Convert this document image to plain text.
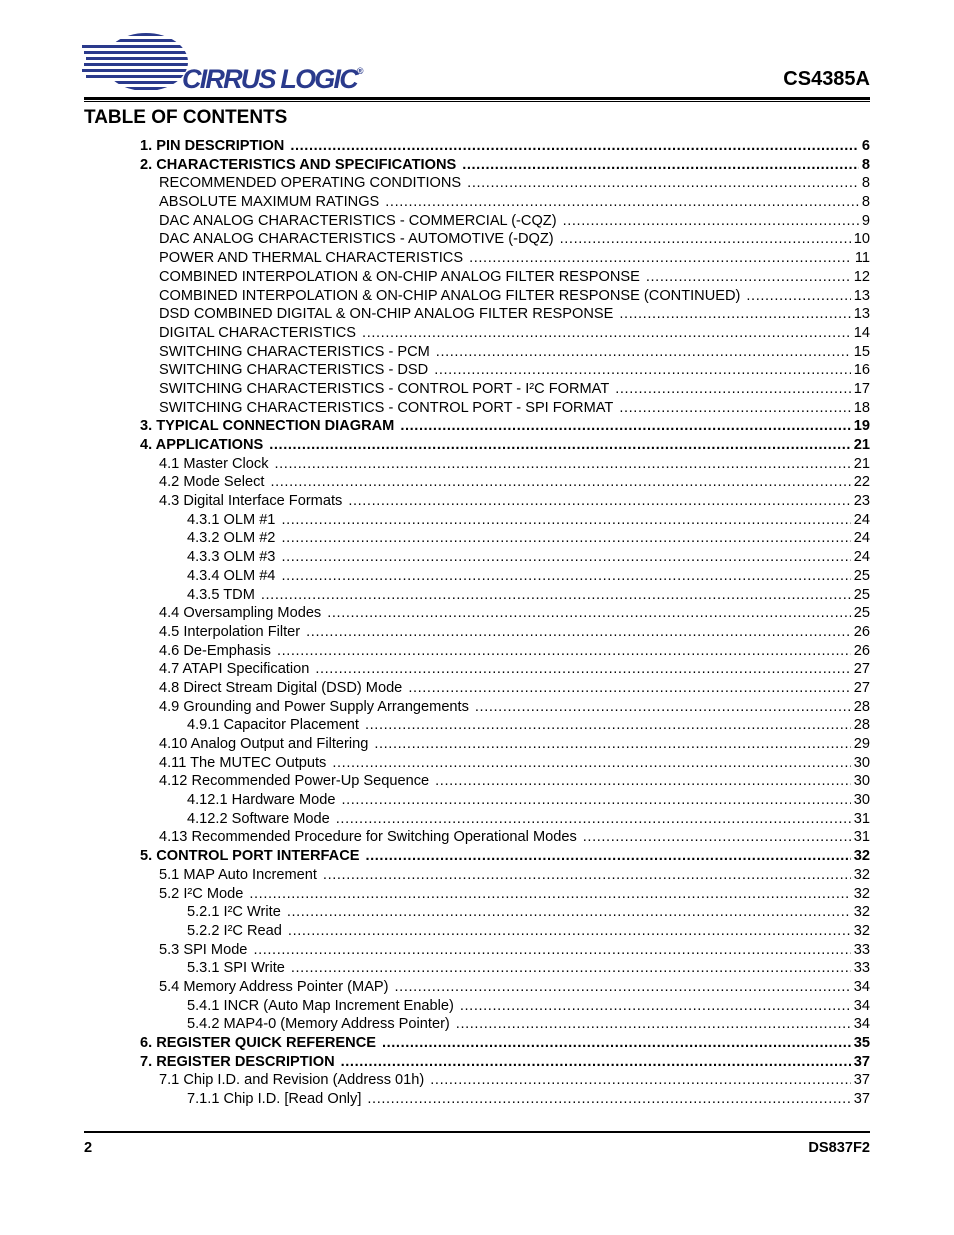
CIRRUS LOGIC®	CS4385A
TABLE OF CONTENTS
1. PIN DESCRIPTION .....	6
2. CHARACTERISTICS AND SPECIFICATIONS .....	8
RECOMMENDED OPERATING CONDITIONS .....	8
ABSOLUTE MAXIMUM RATINGS .....	8
DAC ANALOG CHARACTERISTICS - COMMERCIAL (-CQZ) .....	9
DAC ANALOG CHARACTERISTICS - AUTOMOTIVE (-DQZ) .....	10
POWER AND THERMAL CHARACTERISTICS .....	11
COMBINED INTERPOLATION & ON-CHIP ANALOG FILTER RESPONSE .....	12
COMBINED INTERPOLATION & ON-CHIP ANALOG FILTER RESPONSE (CONTINUED) .....	13
DSD COMBINED DIGITAL & ON-CHIP ANALOG FILTER RESPONSE .....	13
DIGITAL CHARACTERISTICS .....	14
SWITCHING CHARACTERISTICS - PCM .....	15
SWITCHING CHARACTERISTICS - DSD .....	16
SWITCHING CHARACTERISTICS - CONTROL PORT - I²C FORMAT .....	17
SWITCHING CHARACTERISTICS - CONTROL PORT - SPI FORMAT .....	18
3. TYPICAL CONNECTION DIAGRAM .....	19
4. APPLICATIONS .....	21
4.1 Master Clock .....	21
4.2 Mode Select .....	22
4.3 Digital Interface Formats .....	23
4.3.1 OLM #1 .....	24
4.3.2 OLM #2 .....	24
4.3.3 OLM #3 .....	24
4.3.4 OLM #4 .....	25
4.3.5 TDM .....	25
4.4 Oversampling Modes .....	25
4.5 Interpolation Filter .....	26
4.6 De-Emphasis .....	26
4.7 ATAPI Specification .....	27
4.8 Direct Stream Digital (DSD) Mode .....	27
4.9 Grounding and Power Supply Arrangements .....	28
4.9.1 Capacitor Placement .....	28
4.10 Analog Output and Filtering .....	29
4.11 The MUTEC Outputs .....	30
4.12 Recommended Power-Up Sequence .....	30
4.12.1 Hardware Mode .....	30
4.12.2 Software Mode .....	31
4.13 Recommended Procedure for Switching Operational Modes .....	31
5. CONTROL PORT INTERFACE .....	32
5.1 MAP Auto Increment .....	32
5.2 I²C Mode .....	32
5.2.1 I²C Write .....	32
5.2.2 I²C Read .....	32
5.3 SPI Mode .....	33
5.3.1 SPI Write .....	33
5.4 Memory Address Pointer (MAP) .....	34
5.4.1 INCR (Auto Map Increment Enable) .....	34
5.4.2 MAP4-0 (Memory Address Pointer) .....	34
6. REGISTER QUICK REFERENCE .....	35
7. REGISTER DESCRIPTION .....	37
7.1 Chip I.D. and Revision (Address 01h) .....	37
7.1.1 Chip I.D. [Read Only] .....	37
2	DS837F2
